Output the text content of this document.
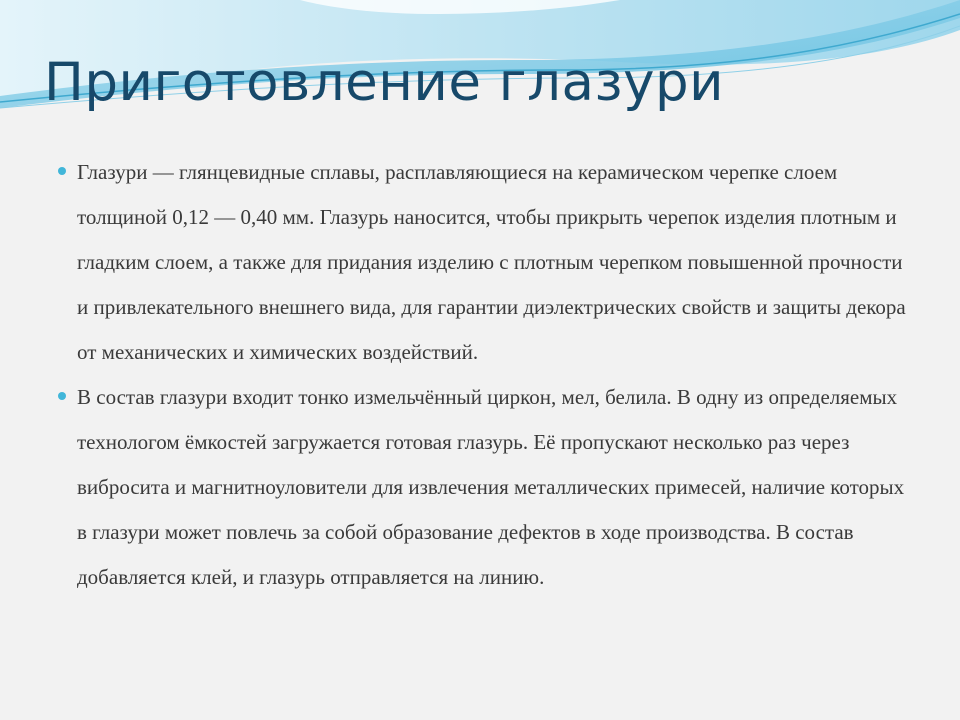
Приготовление глазури
Глазури — глянцевидные сплавы, расплавляющиеся на керамическом черепке слоем толщиной 0,12 — 0,40 мм. Глазурь наносится, чтобы прикрыть черепок изделия плотным и гладким слоем, а также для придания изделию с плотным черепком повышенной прочности и привлекательного внешнего вида, для гарантии диэлектрических свойств и защиты декора от механических и химических воздействий.
В состав глазури входит тонко измельчённый циркон, мел, белила. В одну из определяемых технологом ёмкостей загружается готовая глазурь. Её пропускают несколько раз через вибросита и магнитноуловители для извлечения металлических примесей, наличие которых в глазури может повлечь за собой образование дефектов в ходе производства. В состав добавляется клей, и глазурь отправляется на линию.
